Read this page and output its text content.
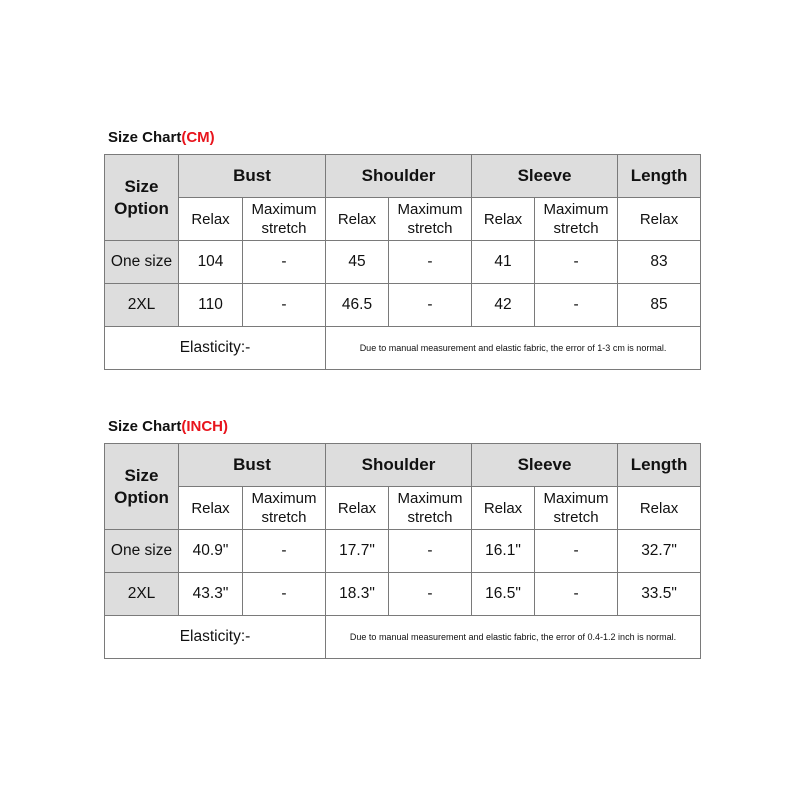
Size Chart(CM)
Size
Option	Bust		Shoulder		Sleeve		Length
	Relax	Maximum stretch	Relax	Maximum stretch	Relax	Maximum stretch	Relax
One size	104	-	45	-	41	-	83
2XL	110	-	46.5	-	42	-	85
Elasticity:-			Due to manual measurement and elastic fabric, the error of 1-3 cm is normal.				
Size Chart(INCH)
Size
Option	Bust		Shoulder		Sleeve		Length
	Relax	Maximum stretch	Relax	Maximum stretch	Relax	Maximum stretch	Relax
One size	40.9"	-	17.7"	-	16.1"	-	32.7"
2XL	43.3"	-	18.3"	-	16.5"	-	33.5"
Elasticity:-			Due to manual measurement and elastic fabric, the error of 0.4-1.2 inch is normal.				
